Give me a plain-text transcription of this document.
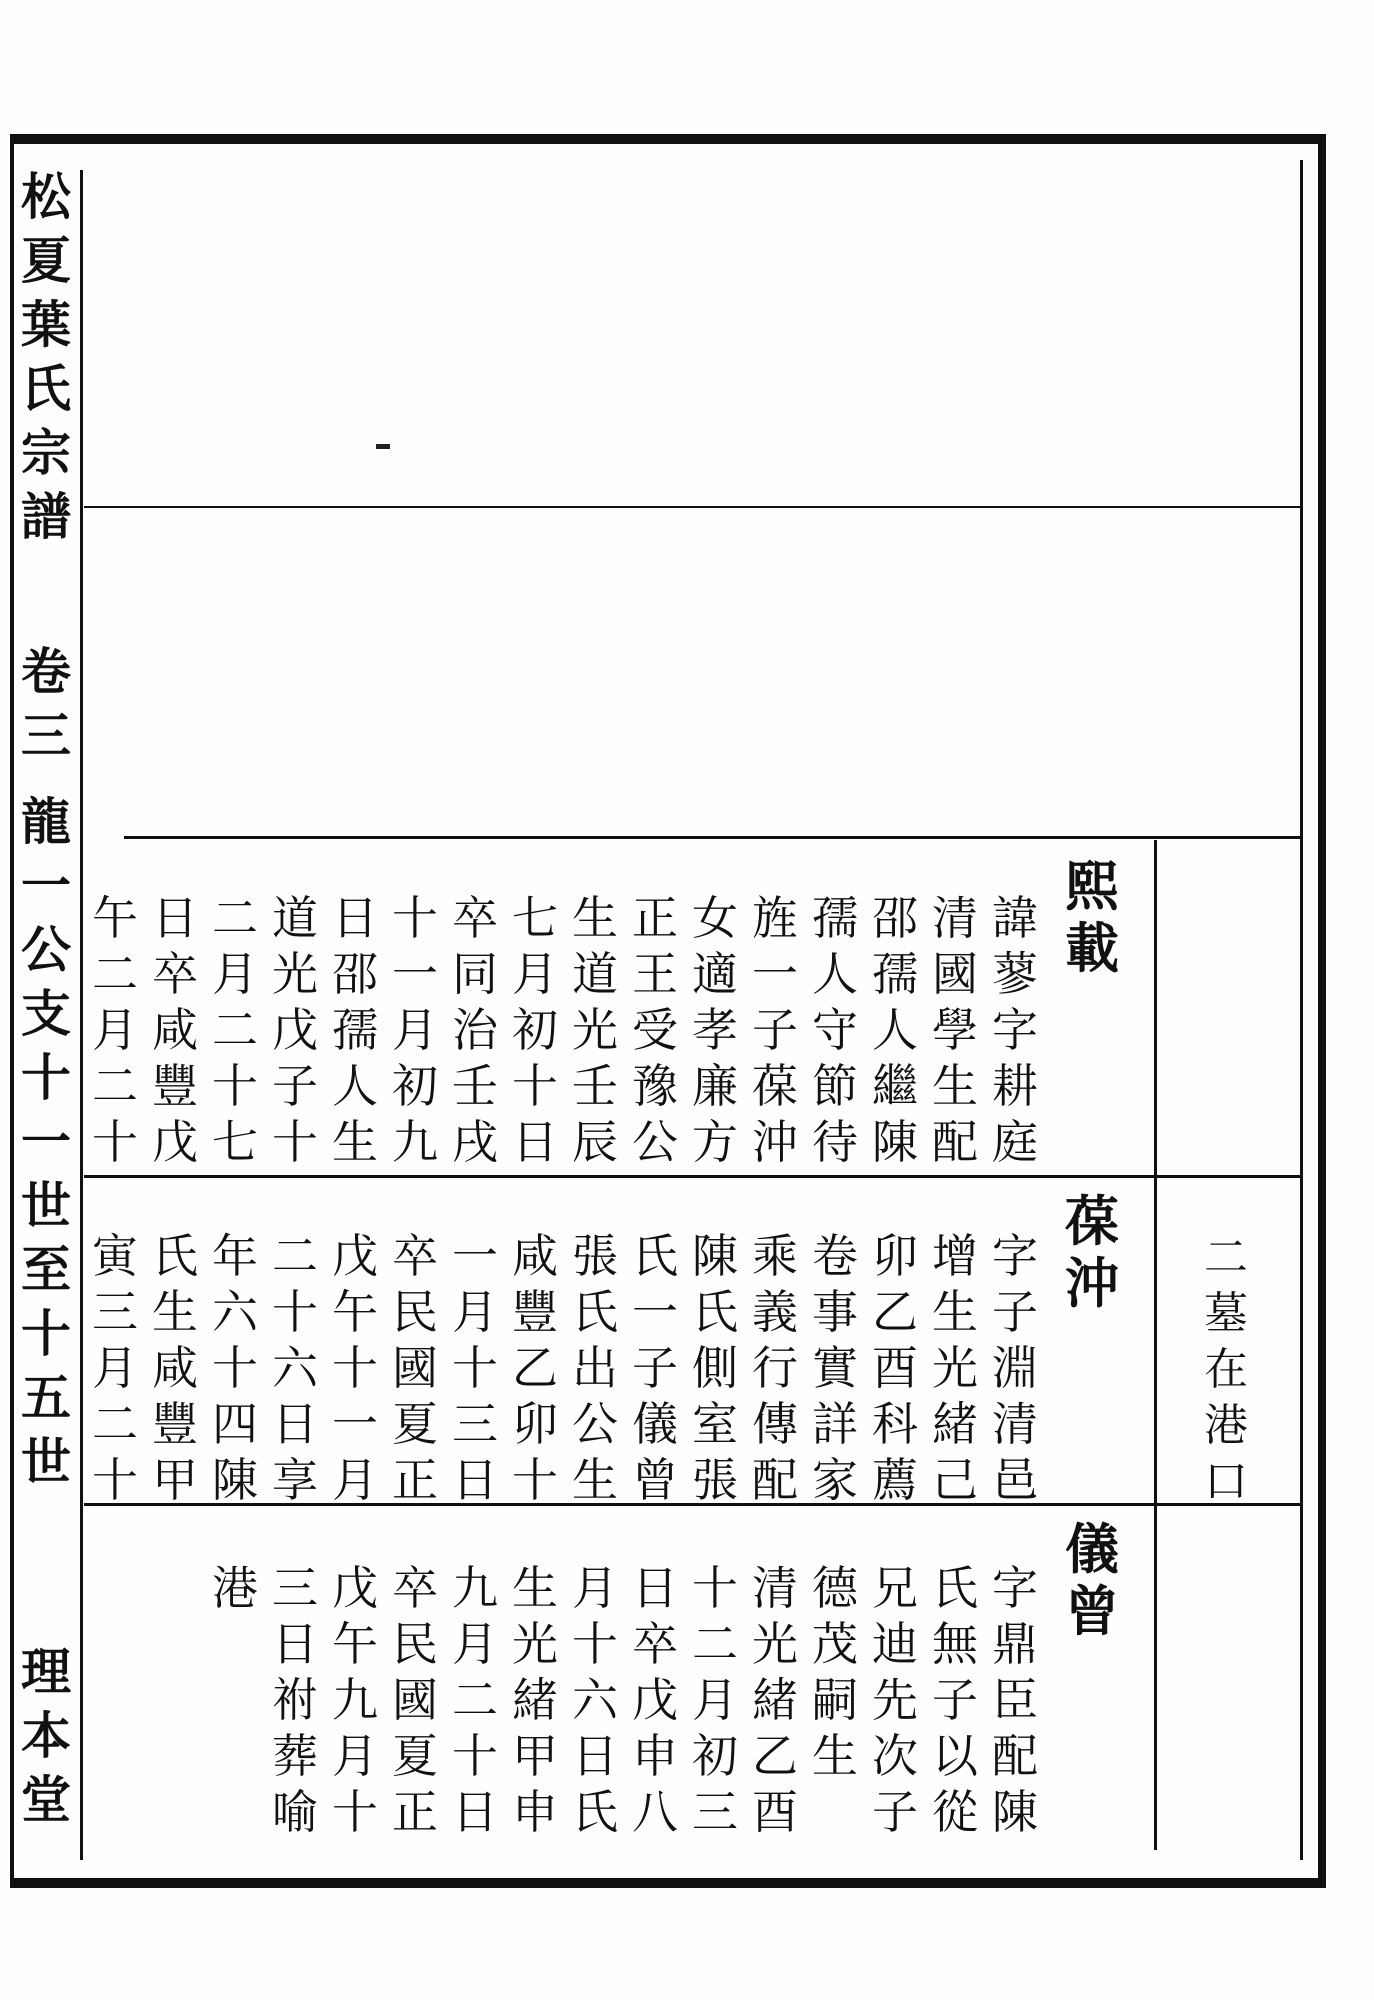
松夏葉氏宗譜
卷三
龍一公支十一世至十五世
理本堂
二墓在港口
熙載
諱蓼字耕庭
清國學生配
邵孺人繼陳
孺人守節待
旌一子葆沖
女適孝廉方
正王受豫公
生道光壬辰
七月初十日
卒同治壬戌
十一月初九
日邵孺人生
道光戊子十
二月二十七
日卒咸豐戊
午二月二十
葆沖
字子淵清邑
增生光緒己
卯乙酉科薦
卷事實詳家
乘義行傳配
陳氏側室張
氏一子儀曾
張氏出公生
咸豐乙卯十
一月十三日
卒民國夏正
戊午十一月
二十六日享
年六十四陳
氏生咸豐甲
寅三月二十
儀曾
字鼎臣配陳
氏無子以從
兄迪先次子
德茂嗣 生
清光緒乙酉
十二月初三
日卒戊申八
月十六日氏
生光緒甲申
九月二十日
卒民國夏正
戊午九月十
三日祔葬喻
港
